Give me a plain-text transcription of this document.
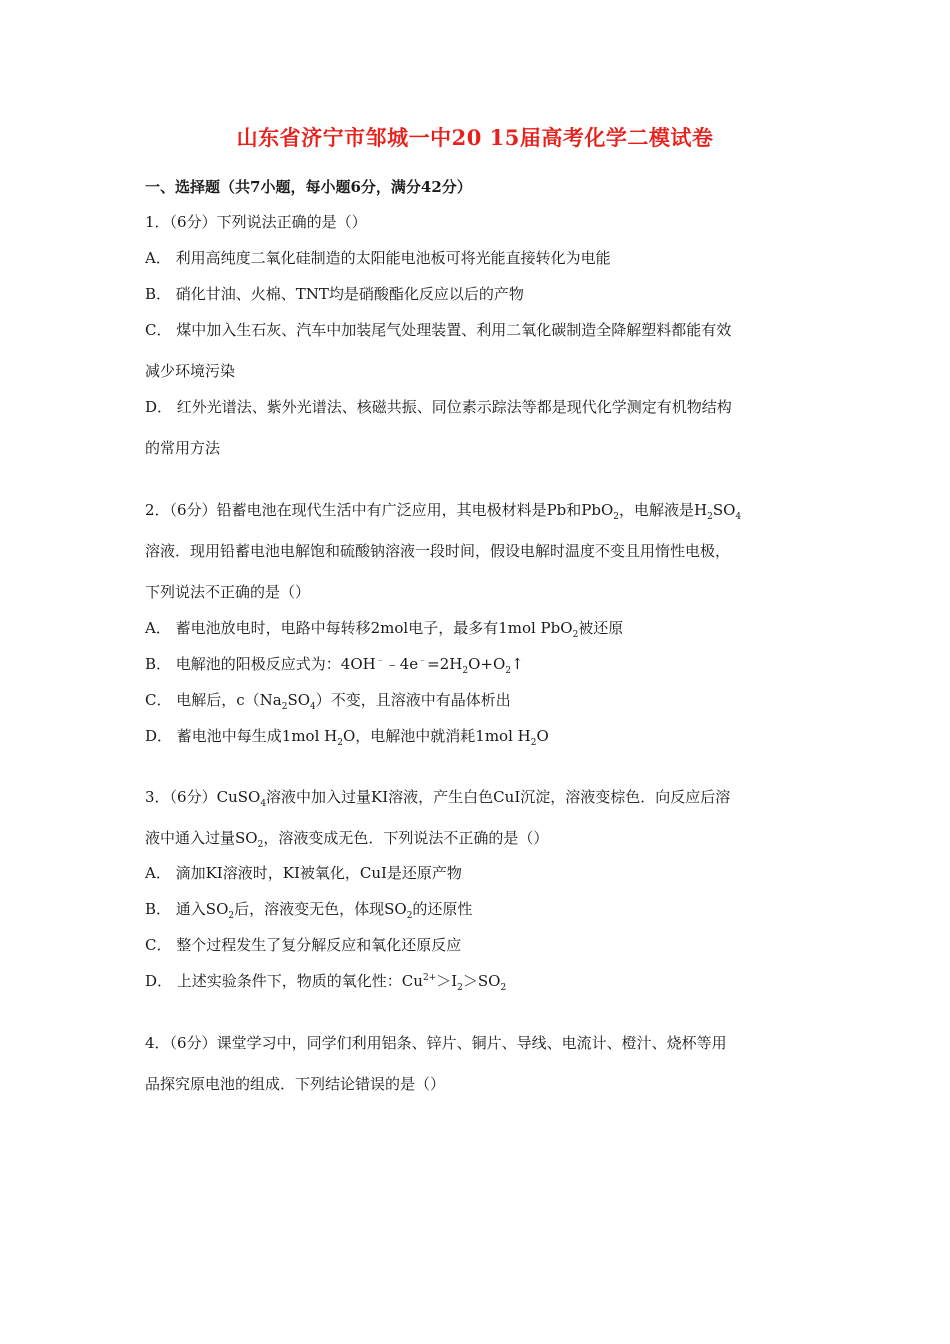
山东省济宁市邹城一中20 15届高考化学二模试卷
一、选择题（共7小题，每小题6分，满分42分）
1．（6分）下列说法正确的是（）
A． 利用高纯度二氧化硅制造的太阳能电池板可将光能直接转化为电能
B． 硝化甘油、火棉、TNT均是硝酸酯化反应以后的产物
C． 煤中加入生石灰、汽车中加装尾气处理装置、利用二氧化碳制造全降解塑料都能有效
减少环境污染
D． 红外光谱法、紫外光谱法、核磁共振、同位素示踪法等都是现代化学测定有机物结构
的常用方法
2．（6分）铅蓄电池在现代生活中有广泛应用，其电极材料是Pb和PbO$_2$，电解液是$H_2SO_4$
溶液．现用铅蓄电池电解饱和硫酸钠溶液一段时间，假设电解时温度不变且用惰性电极，
下列说法不正确的是（）
A． 蓄电池放电时，电路中每转移2mol电子，最多有1mol PbO$_2$被还原
B． 电解池的阳极反应式为：$4OH^﹣﹣4e^﹣=2H_2O+O_2↑$
C． 电解后，$c(Na_2SO_4)$不变，且溶液中有晶体析出
D． 蓄电池中每生成1mol $H_2O$，电解池中就消耗1mol $H_2O$
3．（6分）CuSO$_4$溶液中加入过量KI溶液，产生白色CuI沉淀，溶液变棕色．向反应后溶
液中通入过量$SO_2$，溶液变成无色．下列说法不正确的是（）
A． 滴加KI溶液时，KI被氧化，CuI是还原产物
B． 通入$SO_2$后，溶液变无色，体现$SO_2$的还原性
C． 整个过程发生了复分解反应和氧化还原反应
D． 上述实验条件下，物质的氧化性：$Cu^{2+}>I_2>SO_2$
4．（6分）课堂学习中，同学们利用铝条、锌片、铜片、导线、电流计、橙汁、烧杯等用
品探究原电池的组成．下列结论错误的是（）
